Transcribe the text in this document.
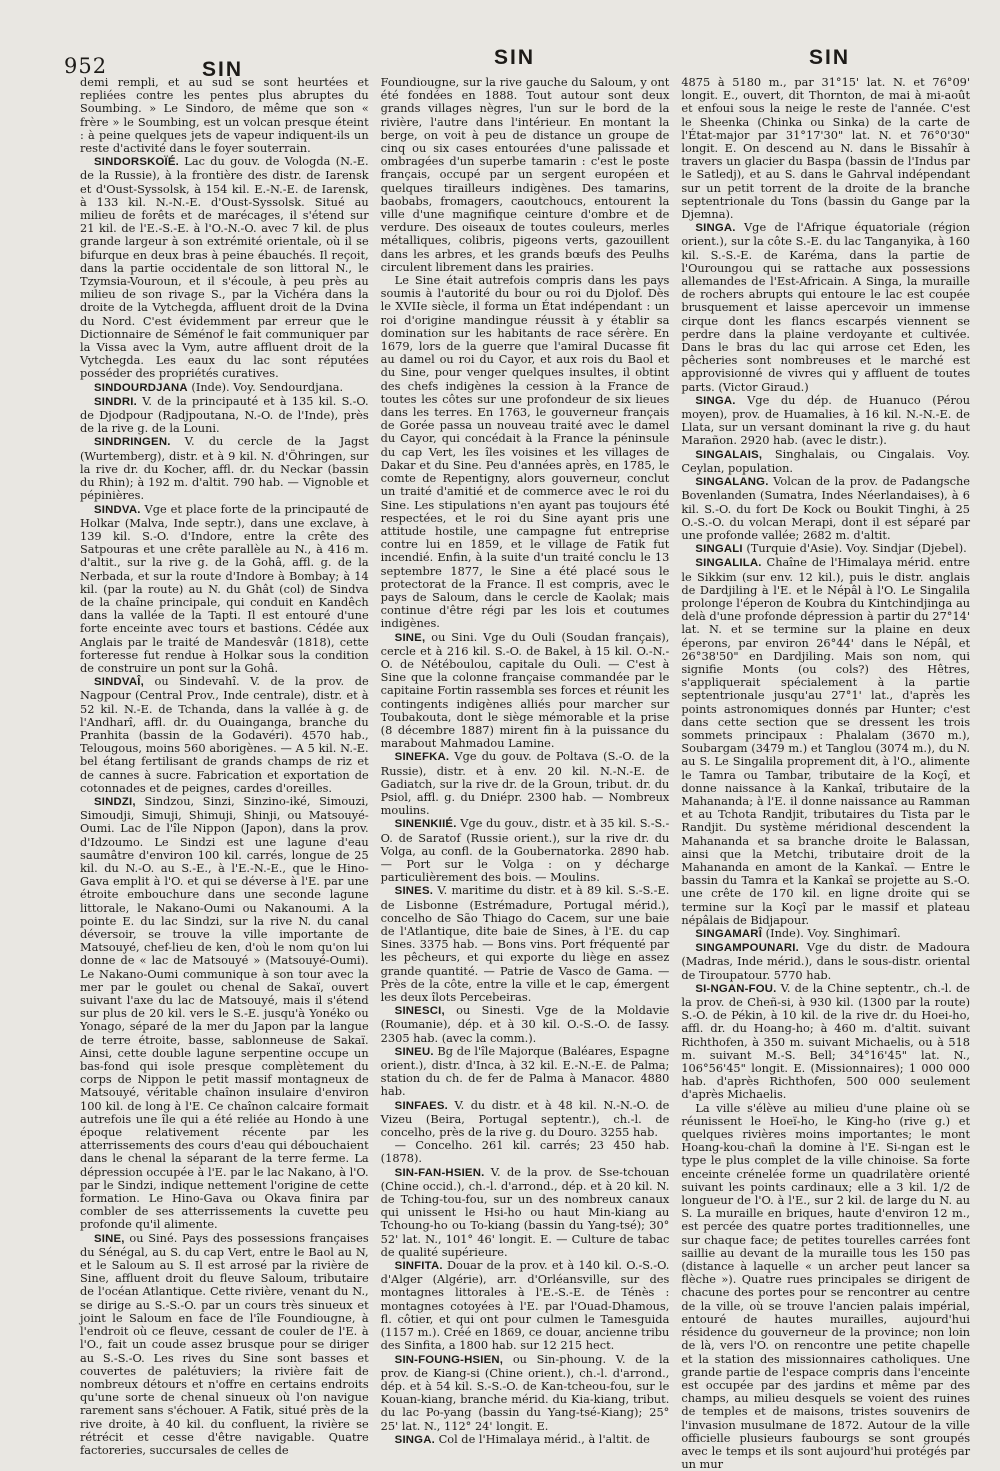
952	SIN
SIN	SIN

demi rempli, et au sud se sont heurtées et repliées contre les pentes plus abruptes du Soumbing. » Le Sindoro, de même que son « frère » le Soumbing, est un volcan presque éteint : à peine quelques jets de vapeur indiquent-ils un reste d'activité dans le foyer souterrain.

SINDORSKOÏÉ. Lac du gouv. de Vologda (N.-E. de la Russie), à la frontière des distr. de Iarensk et d'Oust-Syssolsk, à 154 kil. E.-N.-E. de Iarensk, à 133 kil. N.-N.-E. d'Oust-Syssolsk. Situé au milieu de forêts et de marécages, il s'étend sur 21 kil. de l'E.-S.-E. à l'O.-N.-O. avec 7 kil. de plus grande largeur à son extrémité orientale, où il se bifurque en deux bras à peine ébauchés. Il reçoit, dans la partie occidentale de son littoral N., le Tzymsia-Vouroun, et il s'écoule, à peu près au milieu de son rivage S., par la Vichéra dans la droite de la Vytchegda, affluent droit de la Dvina du Nord. C'est évidemment par erreur que le Dictionnaire de Séménof le fait communiquer par la Vissa avec la Vym, autre affluent droit de la Vytchegda. Les eaux du lac sont réputées posséder des propriétés curatives.

SINDOURDJANA (Inde). Voy. Sendourdjana.

SINDRI. V. de la principauté et à 135 kil. S.-O. de Djodpour (Radjpoutana, N.-O. de l'Inde), près de la rive g. de la Louni.

SINDRINGEN. V. du cercle de la Jagst (Wurtemberg), distr. et à 9 kil. N. d'Öhringen, sur la rive dr. du Kocher, affl. dr. du Neckar (bassin du Rhin); à 192 m. d'altit. 790 hab. — Vignoble et pépinières.

SINDVA. Vge et place forte de la principauté de Holkar (Malva, Inde septr.), dans une exclave, à 139 kil. S.-O. d'Indore, entre la crête des Satpouras et une crête parallèle au N., à 416 m. d'altit., sur la rive g. de la Gohâ, affl. g. de la Nerbada, et sur la route d'Indore à Bombay; à 14 kil. (par la route) au N. du Ghât (col) de Sindva de la chaîne principale, qui conduit en Kandêch dans la vallée de la Tapti. Il est entouré d'une forte enceinte avec tours et bastions. Cédée aux Anglais par le traité de Mandesvâr (1818), cette forteresse fut rendue à Holkar sous la condition de construire un pont sur la Gohâ.

SINDVAÎ, ou Sindevahî. V. de la prov. de Nagpour (Central Prov., Inde centrale), distr. et à 52 kil. N.-E. de Tchanda, dans la vallée à g. de l'Andharî, affl. dr. du Ouainganga, branche du Pranhita (bassin de la Godavéri). 4570 hab., Telougous, moins 560 aborigènes. — A 5 kil. N.-E. bel étang fertilisant de grands champs de riz et de cannes à sucre. Fabrication et exportation de cotonnades et de peignes, cardes d'oreilles.

SINDZI, Sindzou, Sinzi, Sinzino-iké, Simouzi, Simoudji, Simuji, Shimuji, Shinji, ou Matsouyé-Oumi. Lac de l'île Nippon (Japon), dans la prov. d'Idzoumo. Le Sindzi est une lagune d'eau saumâtre d'environ 100 kil. carrés, longue de 25 kil. du N.-O. au S.-E., à l'E.-N.-E., que le Hino-Gava emplit à l'O. et qui se déverse à l'E. par une étroite embouchure dans une seconde lagune littorale, le Nakano-Oumi ou Nakanoumi. A la pointe E. du lac Sindzi, sur la rive N. du canal déversoir, se trouve la ville importante de Matsouyé, chef-lieu de ken, d'où le nom qu'on lui donne de « lac de Matsouyé » (Matsouyé-Oumi). Le Nakano-Oumi communique à son tour avec la mer par le goulet ou chenal de Sakaï, ouvert suivant l'axe du lac de Matsouyé, mais il s'étend sur plus de 20 kil. vers le S.-E. jusqu'à Yonéko ou Yonago, séparé de la mer du Japon par la langue de terre étroite, basse, sablonneuse de Sakaï. Ainsi, cette double lagune serpentine occupe un bas-fond qui isole presque complètement du corps de Nippon le petit massif montagneux de Matsouyé, véritable chaînon insulaire d'environ 100 kil. de long à l'E. Ce chaînon calcaire formait autrefois une île qui a été reliée au Hondo à une époque relativement récente par les atterrissements des cours d'eau qui débouchaient dans le chenal la séparant de la terre ferme. La dépression occupée à l'E. par le lac Nakano, à l'O. par le Sindzi, indique nettement l'origine de cette formation. Le Hino-Gava ou Okava finira par combler de ses atterrissements la cuvette peu profonde qu'il alimente.

SINE, ou Siné. Pays des possessions françaises du Sénégal, au S. du cap Vert, entre le Baol au N, et le Saloum au S. Il est arrosé par la rivière de Sine, affluent droit du fleuve Saloum, tributaire de l'océan Atlantique. Cette rivière, venant du N., se dirige au S.-S.-O. par un cours très sinueux et joint le Saloum en face de l'île Foundiougne, à l'endroit où ce fleuve, cessant de couler de l'E. à l'O., fait un coude assez brusque pour se diriger au S.-S.-O. Les rives du Sine sont basses et couvertes de palétuviers; la rivière fait de nombreux détours et n'offre en certains endroits qu'une sorte de chenal sinueux où l'on navigue rarement sans s'échouer. A Fatik, situé près de la rive droite, à 40 kil. du confluent, la rivière se rétrécit et cesse d'être navigable. Quatre factoreries, succursales de celles de

Foundiougne, sur la rive gauche du Saloum, y ont été fondées en 1888. Tout autour sont deux grands villages nègres, l'un sur le bord de la rivière, l'autre dans l'intérieur. En montant la berge, on voit à peu de distance un groupe de cinq ou six cases entourées d'une palissade et ombragées d'un superbe tamarin : c'est le poste français, occupé par un sergent européen et quelques tirailleurs indigènes. Des tamarins, baobabs, fromagers, caoutchoucs, entourent la ville d'une magnifique ceinture d'ombre et de verdure. Des oiseaux de toutes couleurs, merles métalliques, colibris, pigeons verts, gazouillent dans les arbres, et les grands bœufs des Peulhs circulent librement dans les prairies.

Le Sine était autrefois compris dans les pays soumis à l'autorité du bour ou roi du Djolof. Dès le XVIIe siècle, il forma un État indépendant : un roi d'origine mandingue réussit à y établir sa domination sur les habitants de race sérère. En 1679, lors de la guerre que l'amiral Ducasse fit au damel ou roi du Cayor, et aux rois du Baol et du Sine, pour venger quelques insultes, il obtint des chefs indigènes la cession à la France de toutes les côtes sur une profondeur de six lieues dans les terres. En 1763, le gouverneur français de Gorée passa un nouveau traité avec le damel du Cayor, qui concédait à la France la péninsule du cap Vert, les îles voisines et les villages de Dakar et du Sine. Peu d'années après, en 1785, le comte de Repentigny, alors gouverneur, conclut un traité d'amitié et de commerce avec le roi du Sine. Les stipulations n'en ayant pas toujours été respectées, et le roi du Sine ayant pris une attitude hostile, une campagne fut entreprise contre lui en 1859, et le village de Fatik fut incendié. Enfin, à la suite d'un traité conclu le 13 septembre 1877, le Sine a été placé sous le protectorat de la France. Il est compris, avec le pays de Saloum, dans le cercle de Kaolak; mais continue d'être régi par les lois et coutumes indigènes.

SINE, ou Sini. Vge du Ouli (Soudan français), cercle et à 216 kil. S.-O. de Bakel, à 15 kil. O.-N.-O. de Nétéboulou, capitale du Ouli. — C'est à Sine que la colonne française commandée par le capitaine Fortin rassembla ses forces et réunit les contingents indigènes alliés pour marcher sur Toubakouta, dont le siège mémorable et la prise (8 décembre 1887) mirent fin à la puissance du marabout Mahmadou Lamine.

SINEFKA. Vge du gouv. de Poltava (S.-O. de la Russie), distr. et à env. 20 kil. N.-N.-E. de Gadiatch, sur la rive dr. de la Groun, tribut. dr. du Psiol, affl. g. du Dniépr. 2300 hab. — Nombreux moulins.

SINENKIIÉ. Vge du gouv., distr. et à 35 kil. S.-S.-O. de Saratof (Russie orient.), sur la rive dr. du Volga, au confl. de la Goubernatorka. 2890 hab. — Port sur le Volga : on y décharge particulièrement des bois. — Moulins.

SINES. V. maritime du distr. et à 89 kil. S.-S.-E. de Lisbonne (Estrémadure, Portugal mérid.), concelho de São Thiago do Cacem, sur une baie de l'Atlantique, dite baie de Sines, à l'E. du cap Sines. 3375 hab. — Bons vins. Port fréquenté par les pêcheurs, et qui exporte du liège en assez grande quantité. — Patrie de Vasco de Gama. — Près de la côte, entre la ville et le cap, émergent les deux îlots Percebeiras.

SINESCI, ou Sinesti. Vge de la Moldavie (Roumanie), dép. et à 30 kil. O.-S.-O. de Iassy. 2305 hab. (avec la comm.).

SINEU. Bg de l'île Majorque (Baléares, Espagne orient.), distr. d'Inca, à 32 kil. E.-N.-E. de Palma; station du ch. de fer de Palma à Manacor. 4880 hab.

SINFAES. V. du distr. et à 48 kil. N.-N.-O. de Vizeu (Beira, Portugal septentr.), ch.-l. de concelho, près de la rive g. du Douro. 3255 hab.

— Concelho. 261 kil. carrés; 23 450 hab. (1878).

SIN-FAN-HSIEN. V. de la prov. de Sse-tchouan (Chine occid.), ch.-l. d'arrond., dép. et à 20 kil. N. de Tching-tou-fou, sur un des nombreux canaux qui unissent le Hsi-ho ou haut Min-kiang au Tchoung-ho ou To-kiang (bassin du Yang-tsé); 30° 52' lat. N., 101° 46' longit. E. — Culture de tabac de qualité supérieure.

SINFITA. Douar de la prov. et à 140 kil. O.-S.-O. d'Alger (Algérie), arr. d'Orléansville, sur des montagnes littorales à l'E.-S.-E. de Ténès : montagnes cotoyées à l'E. par l'Ouad-Dhamous, fl. côtier, et qui ont pour culmen le Tamesguida (1157 m.). Créé en 1869, ce douar, ancienne tribu des Sinfita, a 1800 hab. sur 12 215 hect.

SIN-FOUNG-HSIEN, ou Sin-phoung. V. de la prov. de Kiang-si (Chine orient.), ch.-l. d'arrond., dép. et à 54 kil. S.-S.-O. de Kan-tcheou-fou, sur le Kouan-kiang, branche mérid. du Kia-kiang, tribut. du lac Po-yang (bassin du Yang-tsé-Kiang); 25° 25' lat. N., 112° 24' longit. E.

SINGA. Col de l'Himalaya mérid., à l'altit. de

4875 à 5180 m., par 31°15' lat. N. et 76°09' longit. E., ouvert, dit Thornton, de mai à mi-août et enfoui sous la neige le reste de l'année. C'est le Sheenka (Chinka ou Sinka) de la carte de l'État-major par 31°17'30" lat. N. et 76°0'30" longit. E. On descend au N. dans le Bissahîr à travers un glacier du Baspa (bassin de l'Indus par le Satledj), et au S. dans le Gahrval indépendant sur un petit torrent de la droite de la branche septentrionale du Tons (bassin du Gange par la Djemna).

SINGA. Vge de l'Afrique équatoriale (région orient.), sur la côte S.-E. du lac Tanganyika, à 160 kil. S.-S.-E. de Karéma, dans la partie de l'Ouroungou qui se rattache aux possessions allemandes de l'Est-Africain. A Singa, la muraille de rochers abrupts qui entoure le lac est coupée brusquement et laisse apercevoir un immense cirque dont les flancs escarpés viennent se perdre dans la plaine verdoyante et cultivée. Dans le bras du lac qui arrose cet Eden, les pêcheries sont nombreuses et le marché est approvisionné de vivres qui y affluent de toutes parts. (Victor Giraud.)

SINGA. Vge du dép. de Huanuco (Pérou moyen), prov. de Huamalies, à 16 kil. N.-N.-E. de Llata, sur un versant dominant la rive g. du haut Marañon. 2920 hab. (avec le distr.).

SINGALAIS, Singhalais, ou Cingalais. Voy. Ceylan, population.

SINGALANG. Volcan de la prov. de Padangsche Bovenlanden (Sumatra, Indes Néerlandaises), à 6 kil. S.-O. du fort De Kock ou Boukit Tinghi, à 25 O.-S.-O. du volcan Merapi, dont il est séparé par une profonde vallée; 2682 m. d'altit.

SINGALI (Turquie d'Asie). Voy. Sindjar (Djebel).

SINGALILA. Chaîne de l'Himalaya mérid. entre le Sikkim (sur env. 12 kil.), puis le distr. anglais de Dardjiling à l'E. et le Népâl à l'O. Le Singalila prolonge l'éperon de Koubra du Kintchindjinga au delà d'une profonde dépression à partir du 27°14' lat. N. et se termine sur la plaine en deux éperons, par environ 26°44' dans le Népâl, et 26°38'50" en Dardjiling. Mais son nom, qui signifie Monts (ou cols?) des Hêtres, s'appliquerait spécialement à la partie septentrionale jusqu'au 27°1' lat., d'après les points astronomiques donnés par Hunter; c'est dans cette section que se dressent les trois sommets principaux : Phalalam (3670 m.), Soubargam (3479 m.) et Tanglou (3074 m.), du N. au S. Le Singalila proprement dit, à l'O., alimente le Tamra ou Tambar, tributaire de la Koçî, et donne naissance à la Kankaî, tributaire de la Mahananda; à l'E. il donne naissance au Ramman et au Tchota Randjit, tributaires du Tista par le Randjit. Du système méridional descendent la Mahananda et sa branche droite le Balassan, ainsi que la Metchi, tributaire droit de la Mahananda en amont de la Kankaî. — Entre le bassin du Tamra et la Kankaî se projette au S.-O. une crête de 170 kil. en ligne droite qui se termine sur la Koçî par le massif et plateau népâlais de Bidjapour.

SINGAMARÎ (Inde). Voy. Singhimarî.

SINGAMPOUNARI. Vge du distr. de Madoura (Madras, Inde mérid.), dans le sous-distr. oriental de Tiroupatour. 5770 hab.

SI-NGAN-FOU. V. de la Chine septentr., ch.-l. de la prov. de Cheñ-si, à 930 kil. (1300 par la route) S.-O. de Pékin, à 10 kil. de la rive dr. du Hoei-ho, affl. dr. du Hoang-ho; à 460 m. d'altit. suivant Richthofen, à 350 m. suivant Michaelis, ou à 518 m. suivant M.-S. Bell; 34°16'45" lat. N., 106°56'45" longit. E. (Missionnaires); 1 000 000 hab. d'après Richthofen, 500 000 seulement d'après Michaelis.

La ville s'élève au milieu d'une plaine où se réunissent le Hoeï-ho, le King-ho (rive g.) et quelques rivières moins importantes; le mont Hoang-kou-chañ la domine à l'E. Si-ngan est le type le plus complet de la ville chinoise. Sa forte enceinte crénelée forme un quadrilatère orienté suivant les points cardinaux; elle a 3 kil. 1/2 de longueur de l'O. à l'E., sur 2 kil. de large du N. au S. La muraille en briques, haute d'environ 12 m., est percée des quatre portes traditionnelles, une sur chaque face; de petites tourelles carrées font saillie au devant de la muraille tous les 150 pas (distance à laquelle « un archer peut lancer sa flèche »). Quatre rues principales se dirigent de chacune des portes pour se rencontrer au centre de la ville, où se trouve l'ancien palais impérial, entouré de hautes murailles, aujourd'hui résidence du gouverneur de la province; non loin de là, vers l'O. on rencontre une petite chapelle et la station des missionnaires catholiques. Une grande partie de l'espace compris dans l'enceinte est occupée par des jardins et même par des champs, au milieu desquels se voient des ruines de temples et de maisons, tristes souvenirs de l'invasion musulmane de 1872. Autour de la ville officielle plusieurs faubourgs se sont groupés avec le temps et ils sont aujourd'hui protégés par un mur
